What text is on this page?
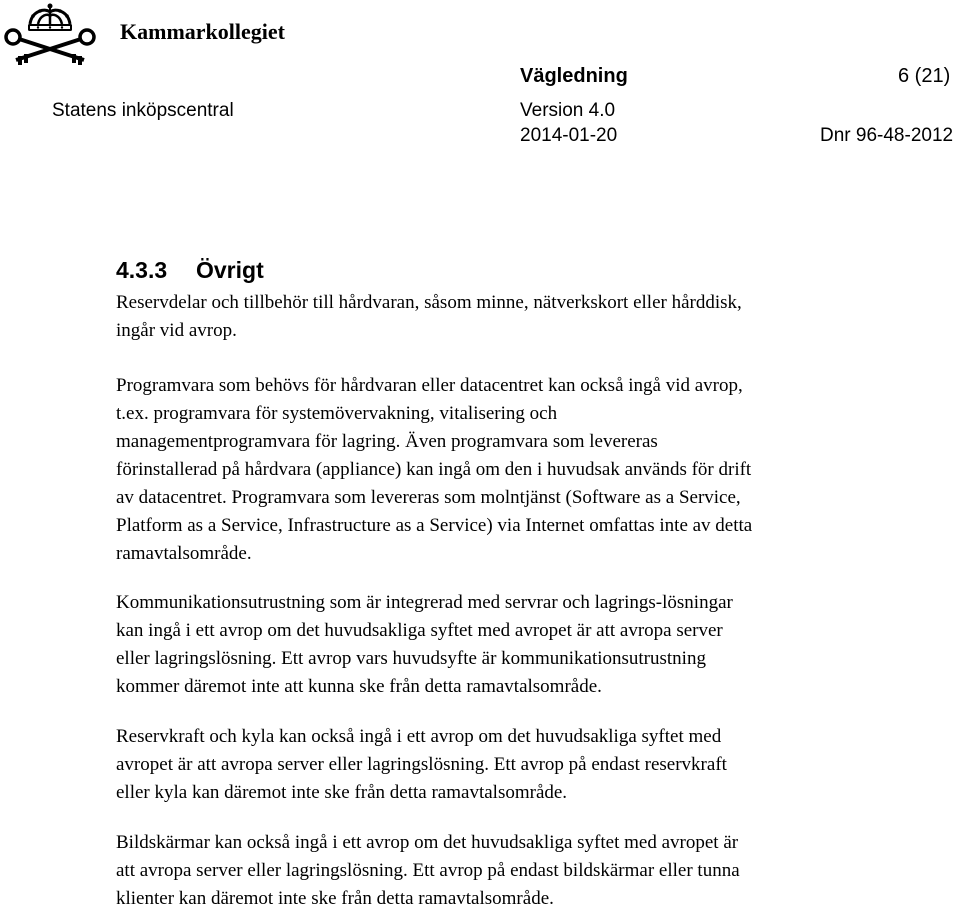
Kammarkollegiet
Vägledning	6 (21)
Statens inköpscentral	Version 4.0
2014-01-20	Dnr 96-48-2012
4.3.3 Övrigt

Reservdelar och tillbehör till hårdvaran, såsom minne, nätverkskort eller hårddisk,
ingår vid avrop.

Programvara som behövs för hårdvaran eller datacentret kan också ingå vid avrop,
t.ex. programvara för systemövervakning, vitalisering och
managementprogramvara för lagring. Även programvara som levereras
förinstallerad på hårdvara (appliance) kan ingå om den i huvudsak används för drift
av datacentret. Programvara som levereras som molntjänst (Software as a Service,
Platform as a Service, Infrastructure as a Service) via Internet omfattas inte av detta
ramavtalsområde.

Kommunikationsutrustning som är integrerad med servrar och lagrings-lösningar
kan ingå i ett avrop om det huvudsakliga syftet med avropet är att avropa server
eller lagringslösning. Ett avrop vars huvudsyfte är kommunikationsutrustning
kommer däremot inte att kunna ske från detta ramavtalsområde.

Reservkraft och kyla kan också ingå i ett avrop om det huvudsakliga syftet med
avropet är att avropa server eller lagringslösning. Ett avrop på endast reservkraft
eller kyla kan däremot inte ske från detta ramavtalsområde.

Bildskärmar kan också ingå i ett avrop om det huvudsakliga syftet med avropet är
att avropa server eller lagringslösning. Ett avrop på endast bildskärmar eller tunna
klienter kan däremot inte ske från detta ramavtalsområde.
